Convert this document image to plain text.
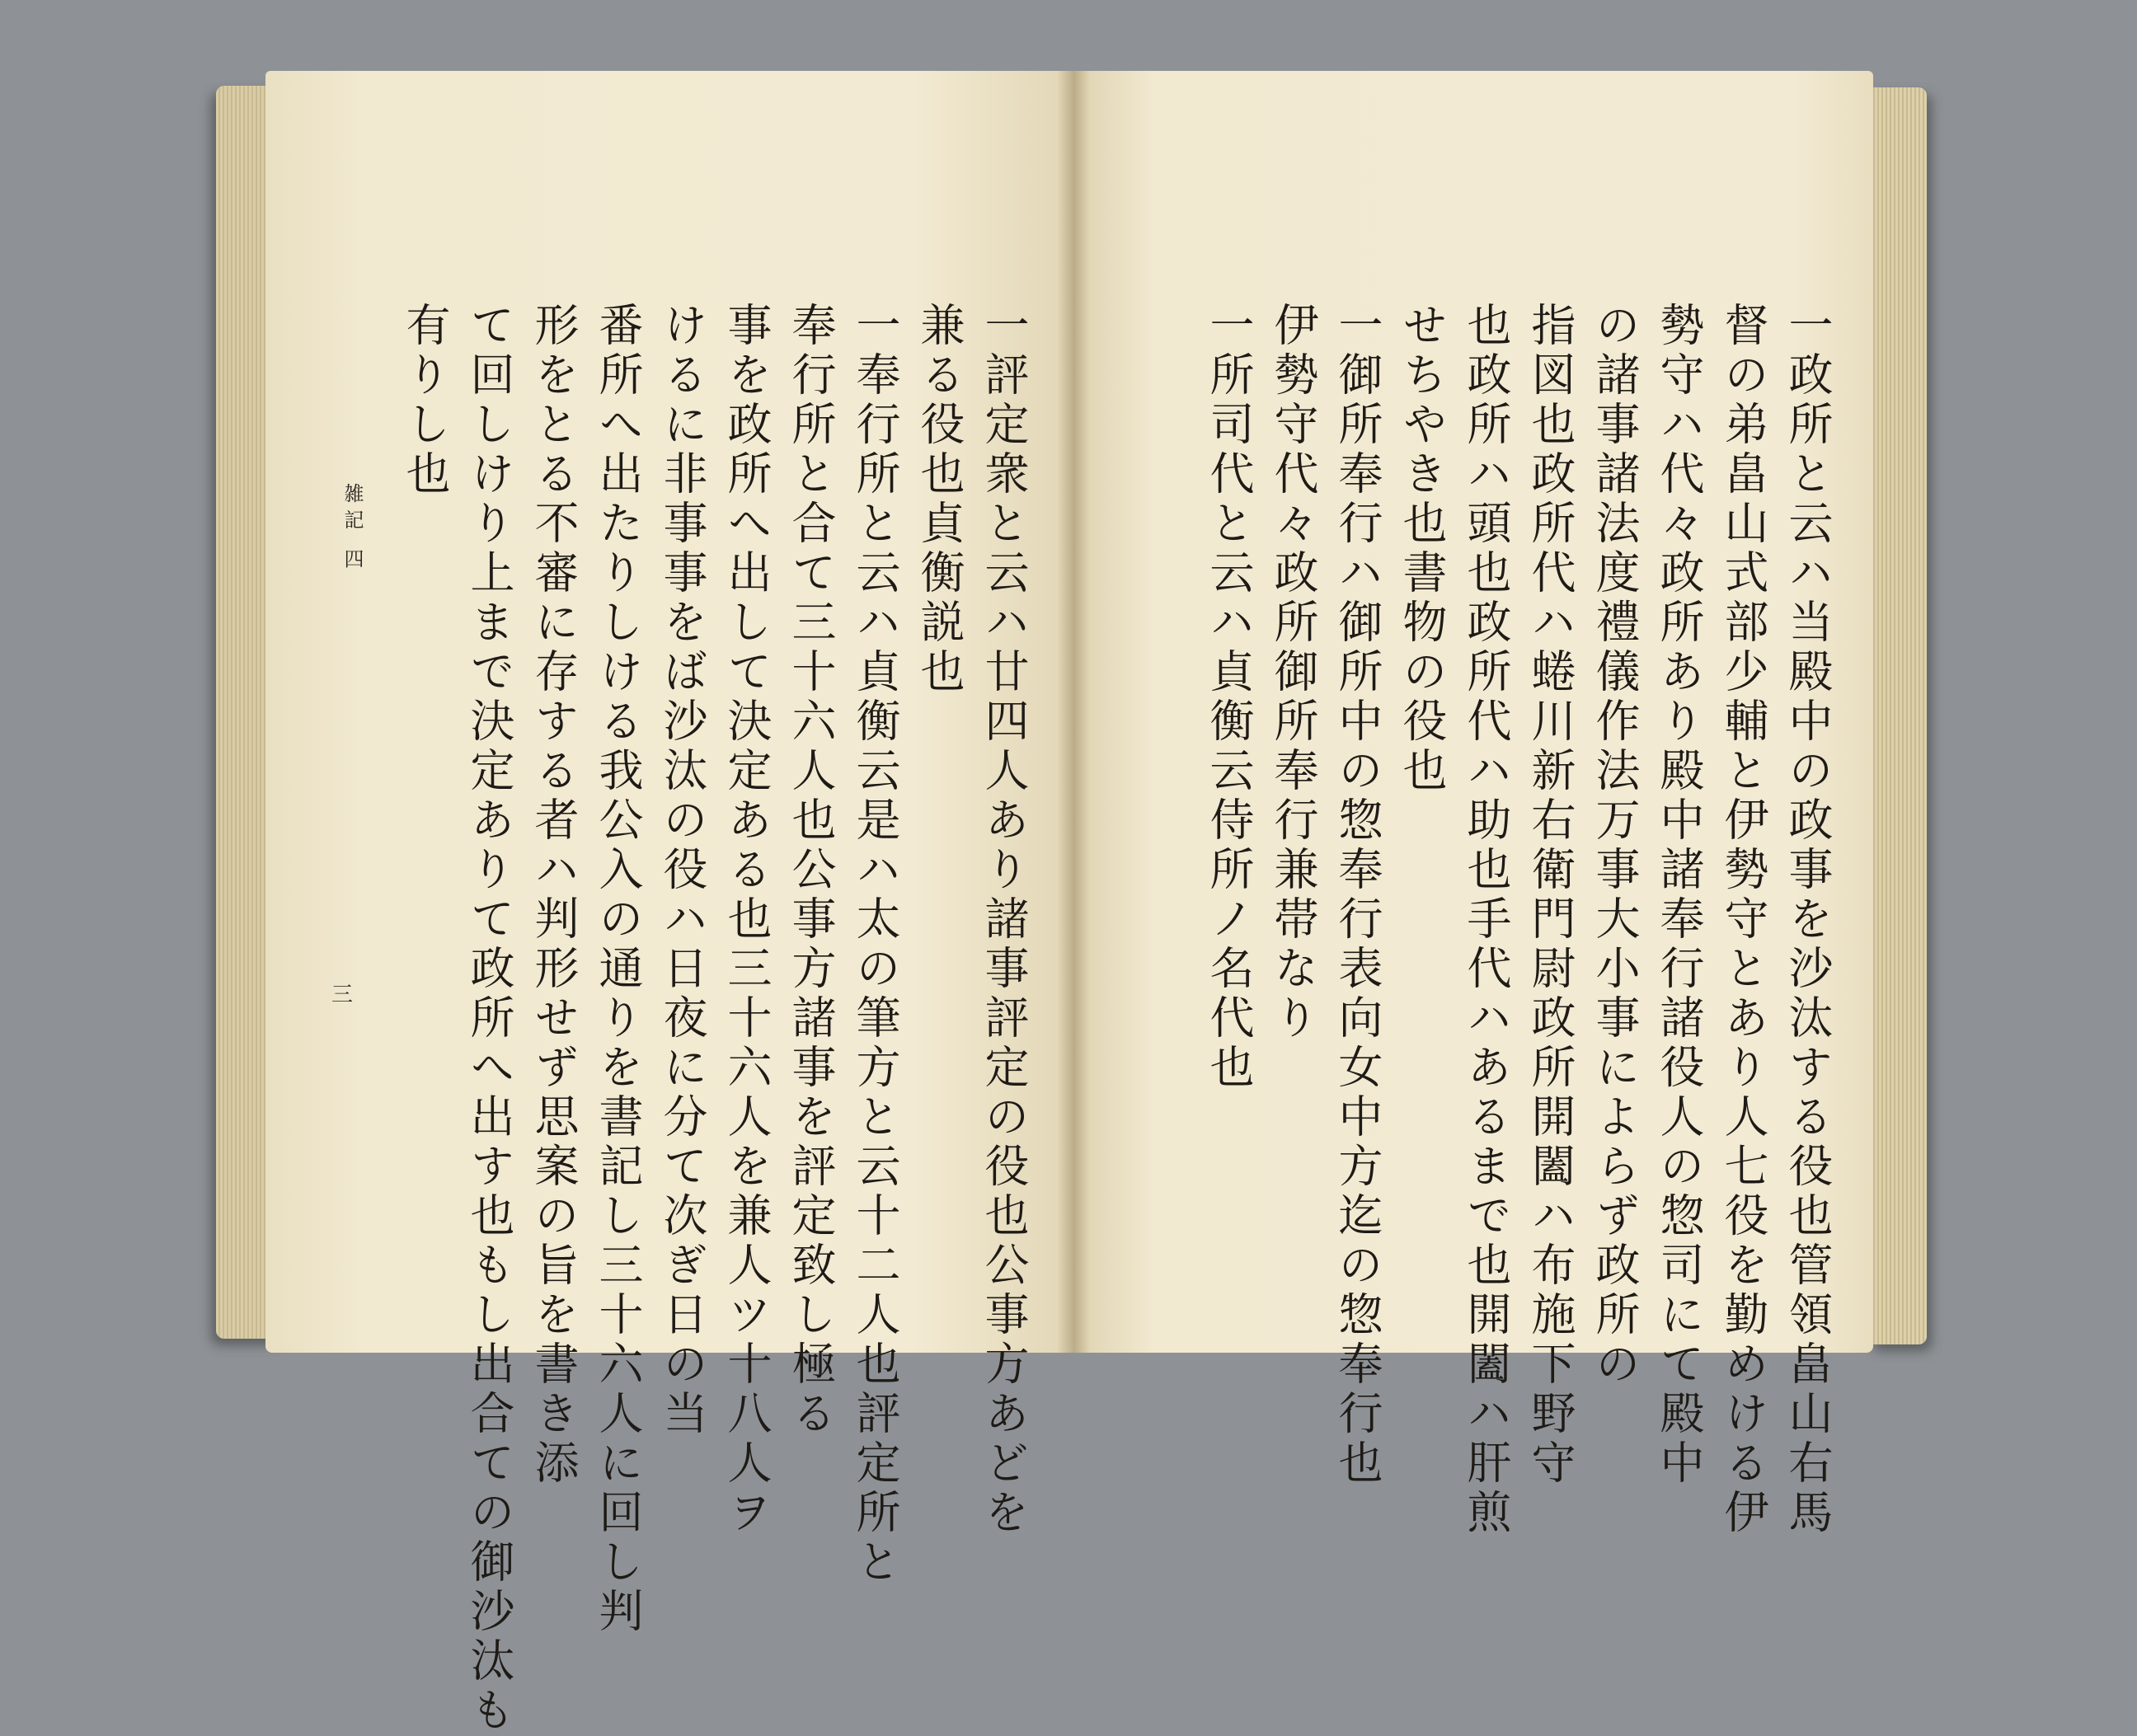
一評定衆と云ハ廿四人あり諸事評定の役也公事方あどを
兼る役也貞衡説也
一奉行所と云ハ貞衡云是ハ太の筆方と云十二人也評定所と
奉行所と合て三十六人也公事方諸事を評定致し極る
事を政所へ出して決定ある也三十六人を兼人ツ十八人ヲ
けるに非事事をば沙汰の役ハ日夜に分て次ぎ日の当
番所へ出たりしける我公入の通りを書記し三十六人に回し判
形をとる不審に存する者ハ判形せず思案の旨を書き添
て回しけり上まで決定ありて政所へ出す也もし出合ての御沙汰も
有りし也
雑記 四
三	一政所と云ハ当殿中の政事を沙汰する役也管領畠山右馬
督の弟畠山式部少輔と伊勢守とあり人七役を勤めける伊
勢守ハ代々政所あり殿中諸奉行諸役人の惣司にて殿中
の諸事諸法度禮儀作法万事大小事によらず政所の
指図也政所代ハ蜷川新右衛門尉政所開闔ハ布施下野守
也政所ハ頭也政所代ハ助也手代ハあるまで也開闔ハ肝煎
せちやき也書物の役也
一御所奉行ハ御所中の惣奉行表向女中方迄の惣奉行也
伊勢守代々政所御所奉行兼帯なり
一所司代と云ハ貞衡云侍所ノ名代也
